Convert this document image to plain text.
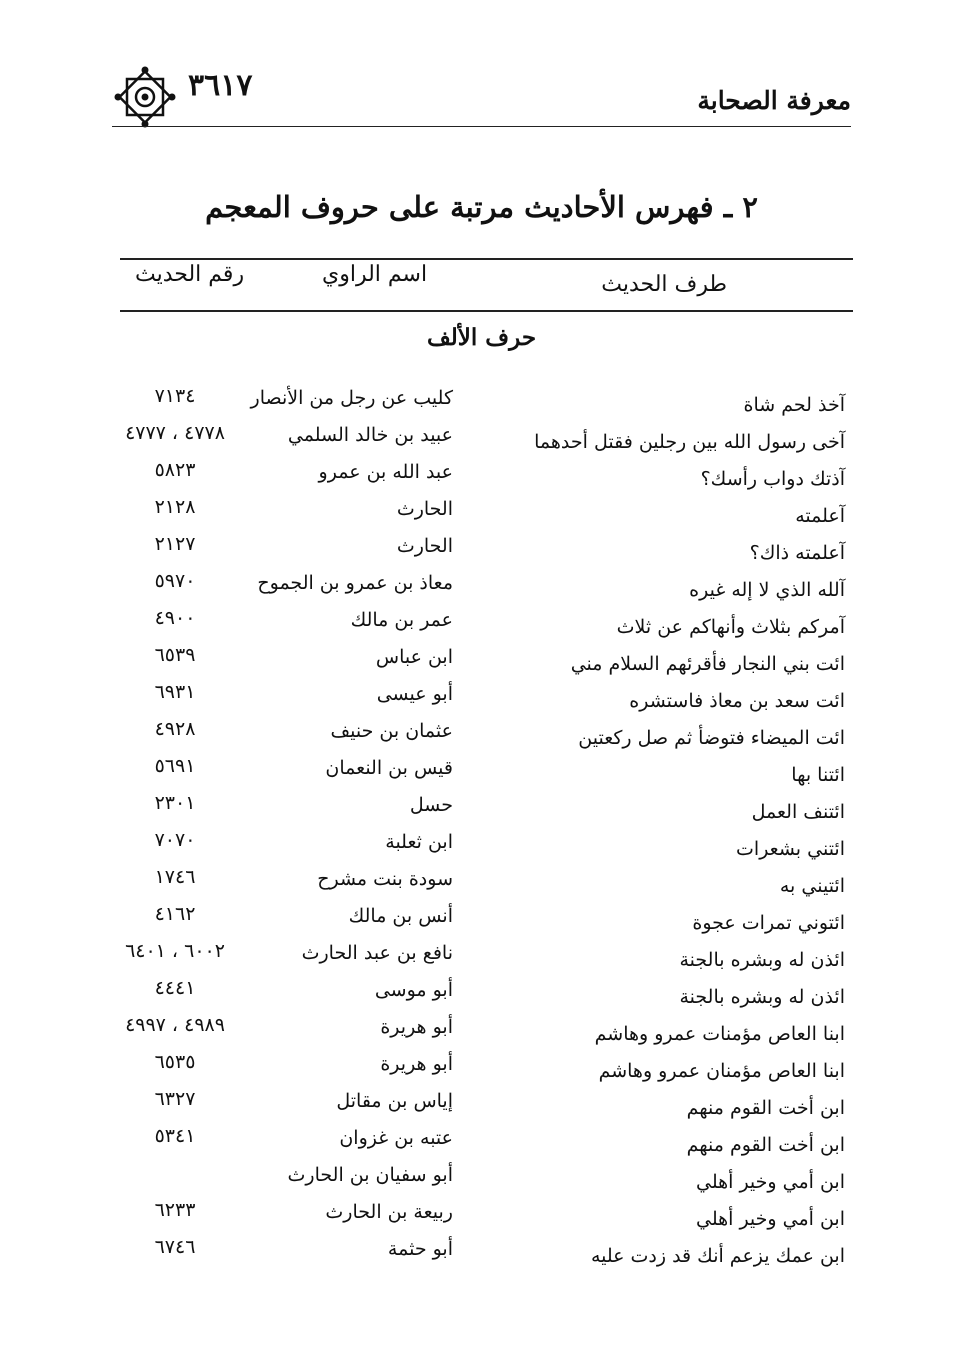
معرفة الصحابة
٣٦١٧
٢ ـ فهرس الأحاديث مرتبة على حروف المعجم
طرف الحديث
اسم الراوي
رقم الحديث
حرف الألف
آخذ لحم شاة
كليب عن رجل من الأنصار
٧١٣٤
آخى رسول الله بين رجلين فقتل أحدهما
عبيد بن خالد السلمي
٤٧٧٨ ، ٤٧٧٧
آذتك دواب رأسك؟
عبد الله بن عمرو
٥٨٢٣
آعلمته
الحارث
٢١٢٨
آعلمته ذاك؟
الحارث
٢١٢٧
آلله الذي لا إله غيره
معاذ بن عمرو بن الجموح
٥٩٧٠
آمركم بثلاث وأنهاكم عن ثلاث
عمر بن مالك
٤٩٠٠
ائت بني النجار فأقرئهم السلام مني
ابن عباس
٦٥٣٩
ائت سعد بن معاذ فاستشره
أبو عيسى
٦٩٣١
ائت الميضاء فتوضأ ثم صل ركعتين
عثمان بن حنيف
٤٩٢٨
ائتنا بها
قيس بن النعمان
٥٦٩١
ائتنف العمل
حسل
٢٣٠١
ائتني بشعرات
ابن ثعلبة
٧٠٧٠
ائتيني به
سودة بنت مشرح
١٧٤٦
ائتوني تمرات عجوة
أنس بن مالك
٤١٦٢
ائذن له وبشره بالجنة
نافع بن عبد الحارث
٦٠٠٢ ، ٦٤٠١
ائذن له وبشره بالجنة
أبو موسى
٤٤٤١
ابنا العاص مؤمنات عمرو وهاشم
أبو هريرة
٤٩٨٩ ، ٤٩٩٧
ابنا العاص مؤمنان عمرو وهاشم
أبو هريرة
٦٥٣٥
ابن أخت القوم منهم
إياس بن مقاتل
٦٣٢٧
ابن أخت القوم منهم
عتبه بن غزوان
٥٣٤١
ابن أمي وخير أهلي
أبو سفيان بن الحارث
ابن أمي وخير أهلي
ربيعة بن الحارث
٦٢٣٣
ابن عمك يزعم أنك قد زدت عليه
أبو حثمة
٦٧٤٦
